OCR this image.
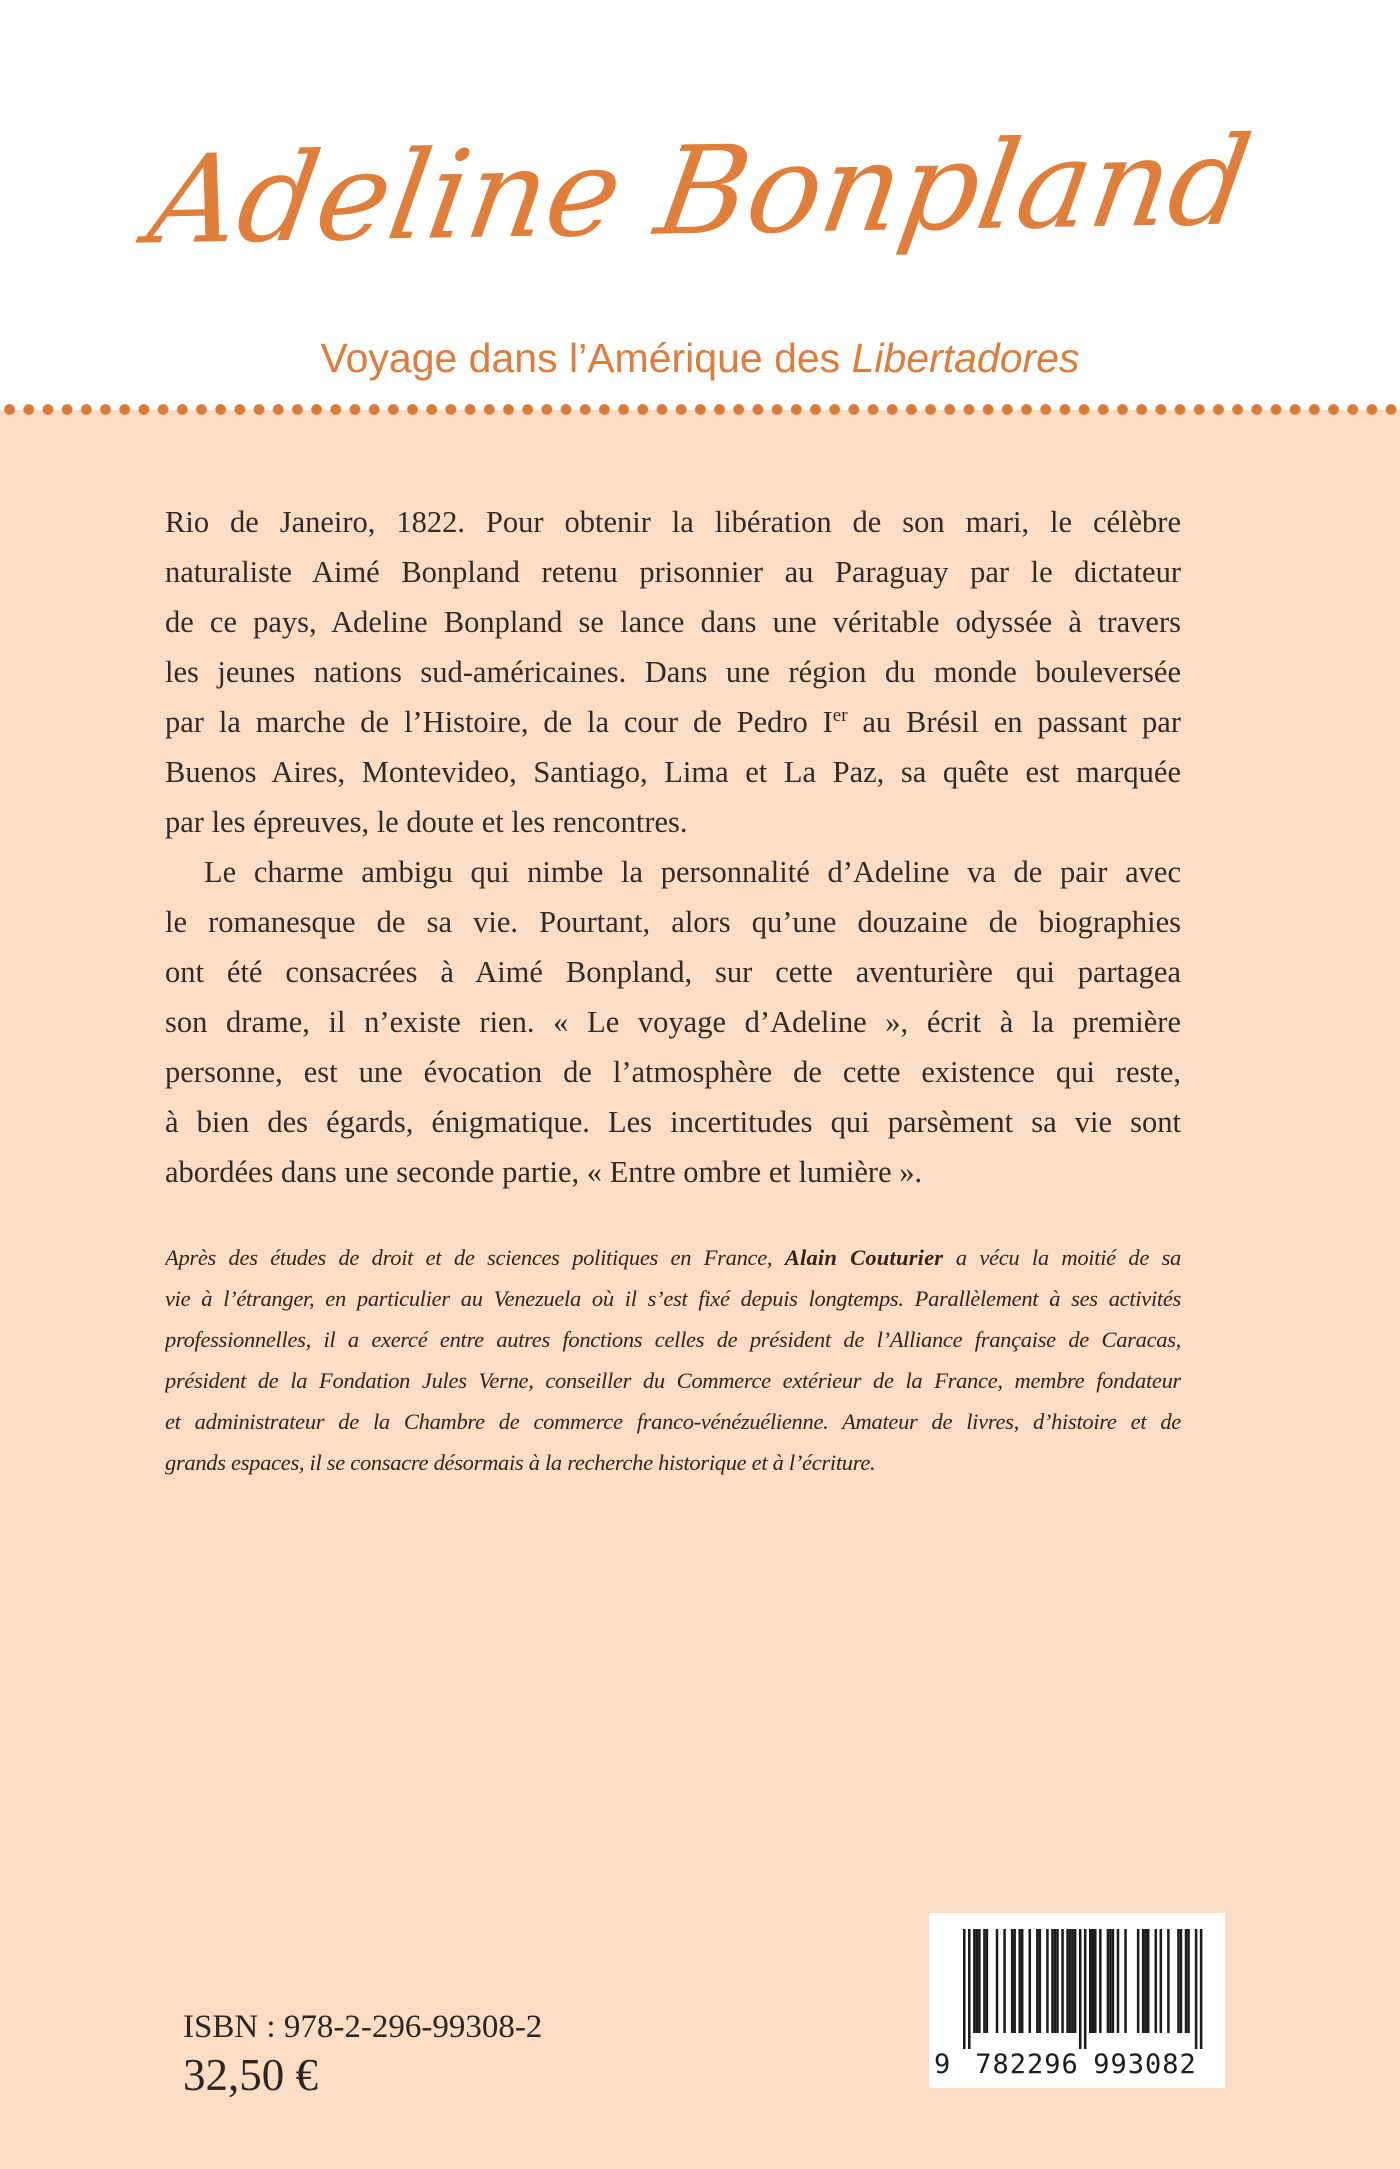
Adeline Bonpland
Voyage dans l’Amérique des Libertadores
Rio de Janeiro, 1822. Pour obtenir la libération de son mari, le célèbre
naturaliste Aimé Bonpland retenu prisonnier au Paraguay par le dictateur
de ce pays, Adeline Bonpland se lance dans une véritable odyssée à travers
les jeunes nations sud-américaines. Dans une région du monde bouleversée
par la marche de l’Histoire, de la cour de Pedro Ier au Brésil en passant par
Buenos Aires, Montevideo, Santiago, Lima et La Paz, sa quête est marquée
par les épreuves, le doute et les rencontres.
Le charme ambigu qui nimbe la personnalité d’Adeline va de pair avec
le romanesque de sa vie. Pourtant, alors qu’une douzaine de biographies
ont été consacrées à Aimé Bonpland, sur cette aventurière qui partagea
son drame, il n’existe rien. « Le voyage d’Adeline », écrit à la première
personne, est une évocation de l’atmosphère de cette existence qui reste,
à bien des égards, énigmatique. Les incertitudes qui parsèment sa vie sont
abordées dans une seconde partie, « Entre ombre et lumière ».
Après des études de droit et de sciences politiques en France, Alain Couturier a vécu la moitié de sa
vie à l’étranger, en particulier au Venezuela où il s’est fixé depuis longtemps. Parallèlement à ses activités
professionnelles, il a exercé entre autres fonctions celles de président de l’Alliance française de Caracas,
président de la Fondation Jules Verne, conseiller du Commerce extérieur de la France, membre fondateur
et administrateur de la Chambre de commerce franco-vénézuélienne. Amateur de livres, d’histoire et de
grands espaces, il se consacre désormais à la recherche historique et à l’écriture.
9 782296 993082
ISBN : 978-2-296-99308-2
32,50 €
